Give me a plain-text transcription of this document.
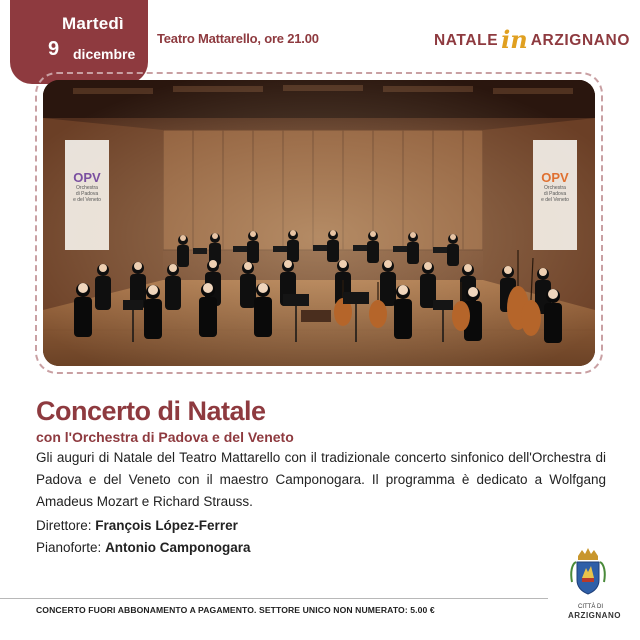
Martedì
9 dicembre
Teatro Mattarello, ore 21.00	NATALE in ARZIGNANO
OPV
Orchestra
di Padova
e del Veneto
OPV
Orchestra
di Padova
e del Veneto
Concerto di Natale
con l'Orchestra di Padova e del Veneto
Gli auguri di Natale del Teatro Mattarello con il tradizionale concerto sinfonico dell'Orchestra di Padova e del Veneto con il maestro Camponogara. Il programma è dedicato a Wolfgang Amadeus Mozart e Richard Strauss.
Direttore: François López-Ferrer
Pianoforte: Antonio Camponogara
CONCERTO FUORI ABBONAMENTO A PAGAMENTO. SETTORE UNICO NON NUMERATO: 5.00 €	CITTÀ DI
ARZIGNANO
